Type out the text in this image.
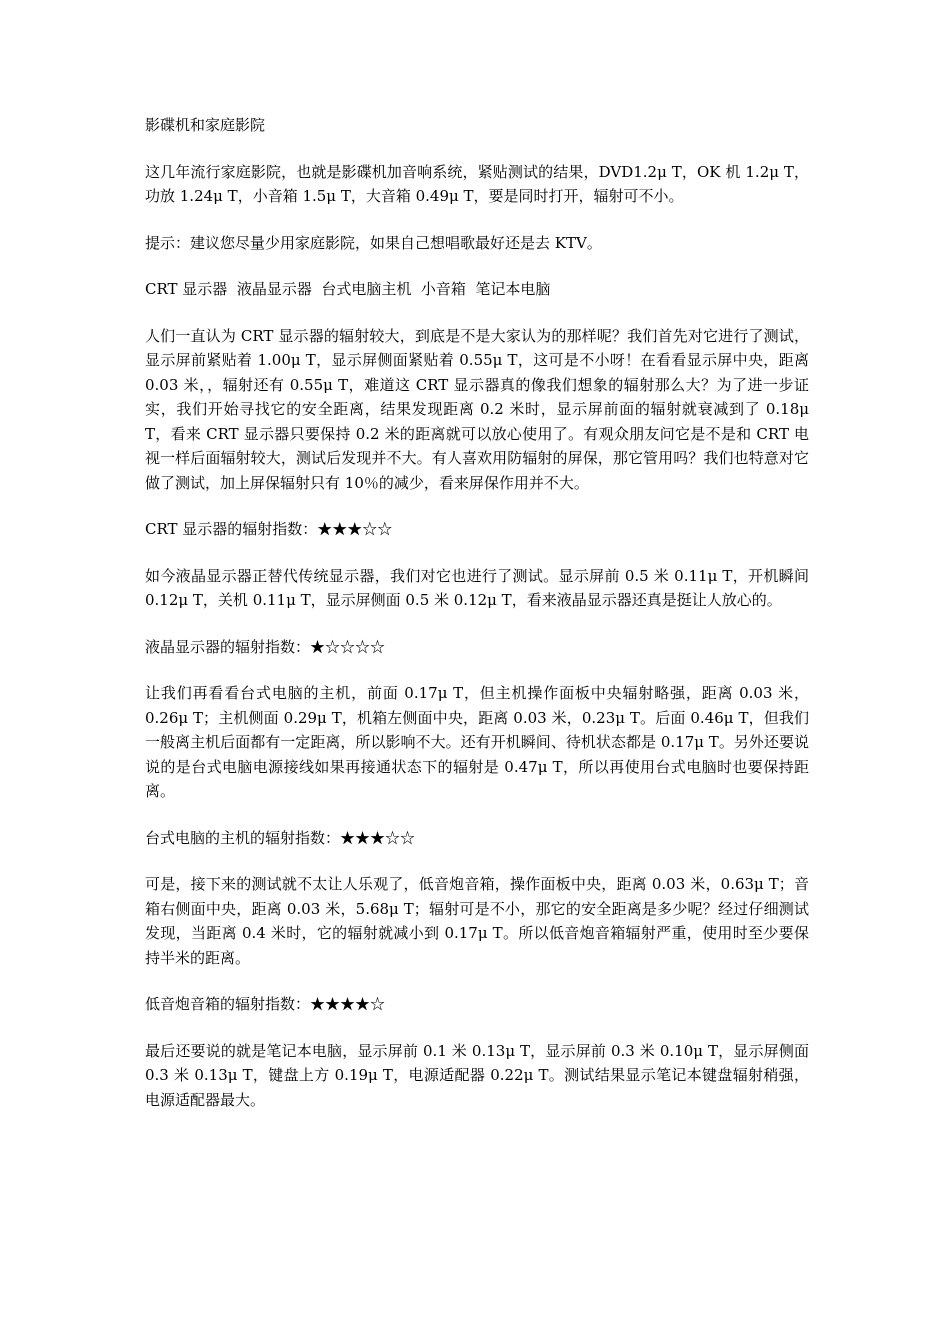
影碟机和家庭影院

这几年流行家庭影院，也就是影碟机加音响系统，紧贴测试的结果，DVD1.2μ T，OK 机 1.2μ T，功放 1.24μ T，小音箱 1.5μ T，大音箱 0.49μ T，要是同时打开，辐射可不小。

提示：建议您尽量少用家庭影院，如果自己想唱歌最好还是去 KTV。

CRT 显示器  液晶显示器  台式电脑主机  小音箱  笔记本电脑

人们一直认为 CRT 显示器的辐射较大，到底是不是大家认为的那样呢？我们首先对它进行了测试，显示屏前紧贴着 1.00μ T，显示屏侧面紧贴着 0.55μ T，这可是不小呀！在看看显示屏中央，距离 0.03 米，，辐射还有 0.55μ T，难道这 CRT 显示器真的像我们想象的辐射那么大？为了进一步证实，我们开始寻找它的安全距离，结果发现距离 0.2 米时，显示屏前面的辐射就衰减到了 0.18μ T，看来 CRT 显示器只要保持 0.2 米的距离就可以放心使用了。有观众朋友问它是不是和 CRT 电视一样后面辐射较大，测试后发现并不大。有人喜欢用防辐射的屏保，那它管用吗？我们也特意对它做了测试，加上屏保辐射只有 10％的减少，看来屏保作用并不大。

CRT 显示器的辐射指数：★★★☆☆

如今液晶显示器正替代传统显示器，我们对它也进行了测试。显示屏前 0.5 米 0.11μ T，开机瞬间 0.12μ T，关机 0.11μ T，显示屏侧面 0.5 米 0.12μ T，看来液晶显示器还真是挺让人放心的。

液晶显示器的辐射指数：★☆☆☆☆

让我们再看看台式电脑的主机，前面 0.17μ T，但主机操作面板中央辐射略强，距离 0.03 米，0.26μ T；主机侧面 0.29μ T，机箱左侧面中央，距离 0.03 米，0.23μ T。后面 0.46μ T，但我们一般离主机后面都有一定距离，所以影响不大。还有开机瞬间、待机状态都是 0.17μ T。另外还要说说的是台式电脑电源接线如果再接通状态下的辐射是 0.47μ T，所以再使用台式电脑时也要保持距离。

台式电脑的主机的辐射指数：★★★☆☆

可是，接下来的测试就不太让人乐观了，低音炮音箱，操作面板中央，距离 0.03 米，0.63μ T；音箱右侧面中央，距离 0.03 米，5.68μ T；辐射可是不小，那它的安全距离是多少呢？经过仔细测试发现，当距离 0.4 米时，它的辐射就减小到 0.17μ T。所以低音炮音箱辐射严重，使用时至少要保持半米的距离。

低音炮音箱的辐射指数：★★★★☆

最后还要说的就是笔记本电脑，显示屏前 0.1 米 0.13μ T，显示屏前 0.3 米 0.10μ T，显示屏侧面 0.3 米 0.13μ T，键盘上方 0.19μ T，电源适配器 0.22μ T。测试结果显示笔记本键盘辐射稍强，电源适配器最大。
